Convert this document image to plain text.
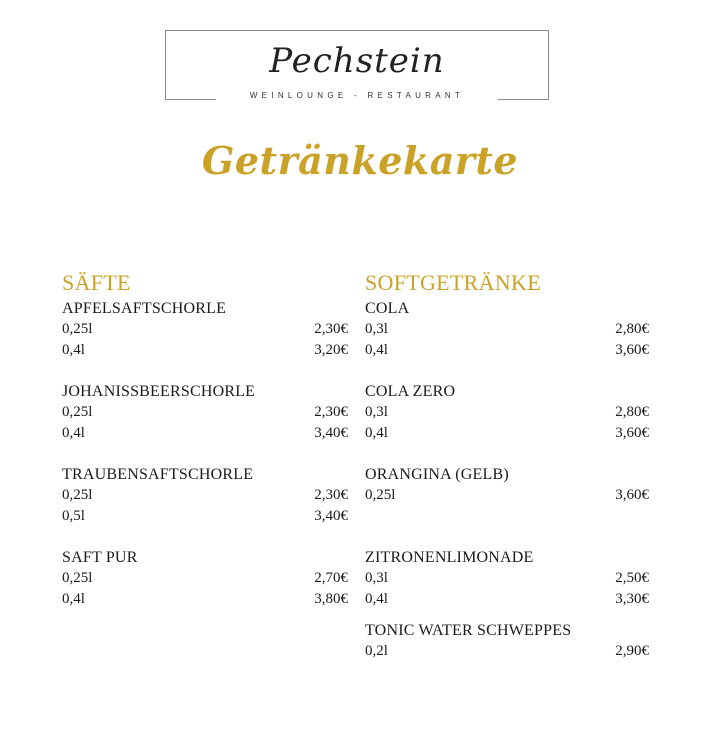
Pechstein
WEINLOUNGE - RESTAURANT
Getränkekarte
SÄFTE
APFELSAFTSCHORLE
0,25l	2,30€
0,4l	3,20€
JOHANISSBEERSCHORLE
0,25l	2,30€
0,4l	3,40€
TRAUBENSAFTSCHORLE
0,25l	2,30€
0,5l	3,40€
SAFT PUR
0,25l	2,70€
0,4l	3,80€
SOFTGETRÄNKE
COLA
0,3l	2,80€
0,4l	3,60€
COLA ZERO
0,3l	2,80€
0,4l	3,60€
ORANGINA (GELB)
0,25l	3,60€
ZITRONENLIMONADE
0,3l	2,50€
0,4l	3,30€
TONIC WATER SCHWEPPES
0,2l	2,90€
